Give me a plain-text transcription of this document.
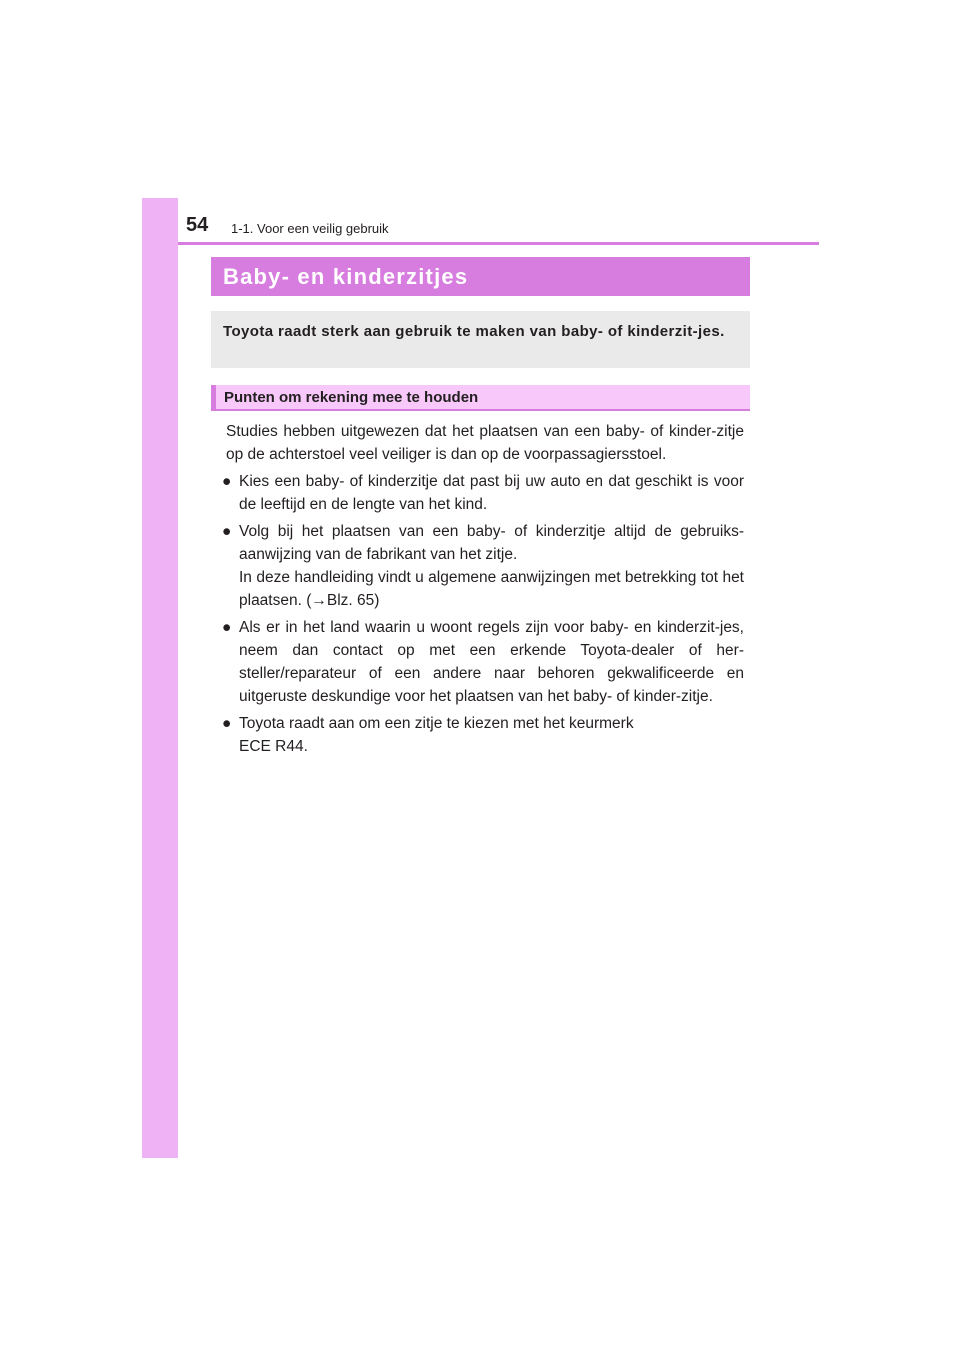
54 1-1. Voor een veilig gebruik
Baby- en kinderzitjes
Toyota raadt sterk aan gebruik te maken van baby- of kinderzit-jes.
Punten om rekening mee te houden

Studies hebben uitgewezen dat het plaatsen van een baby- of kinder-zitje op de achterstoel veel veiliger is dan op de voorpassagiersstoel.

● Kies een baby- of kinderzitje dat past bij uw auto en dat geschikt is voor de leeftijd en de lengte van het kind.
● Volg bij het plaatsen van een baby- of kinderzitje altijd de gebruiks-aanwijzing van de fabrikant van het zitje.
In deze handleiding vindt u algemene aanwijzingen met betrekking tot het plaatsen. (→Blz. 65)
● Als er in het land waarin u woont regels zijn voor baby- en kinderzit-jes, neem dan contact op met een erkende Toyota-dealer of her-steller/reparateur of een andere naar behoren gekwalificeerde en uitgeruste deskundige voor het plaatsen van het baby- of kinder-zitje.
● Toyota raadt aan om een zitje te kiezen met het keurmerk
ECE R44.
